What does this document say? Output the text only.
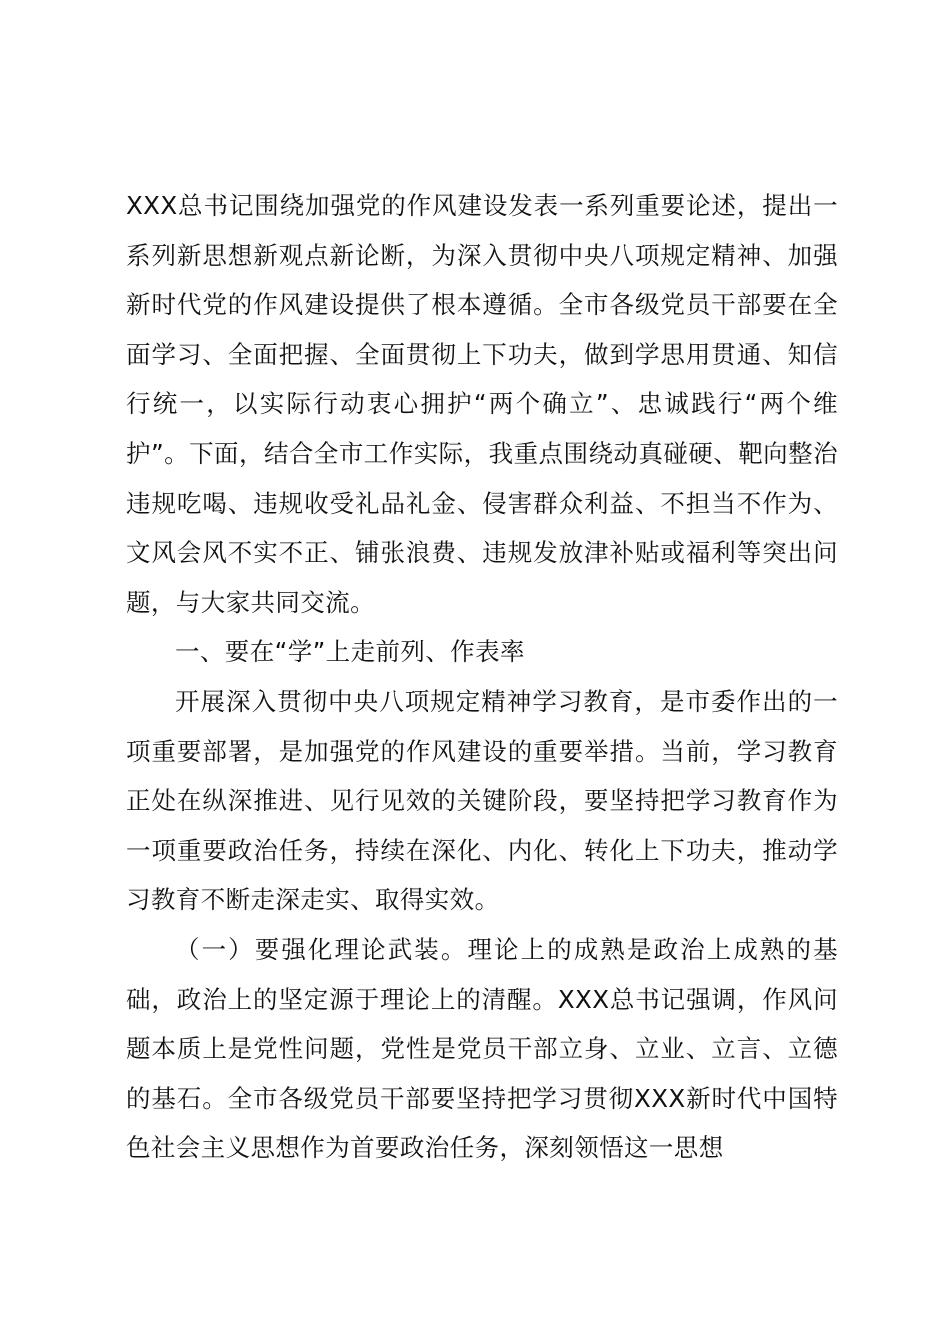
XXX总书记围绕加强党的作风建设发表一系列重要论述，提出一系列新思想新观点新论断，为深入贯彻中央八项规定精神、加强新时代党的作风建设提供了根本遵循。全市各级党员干部要在全面学习、全面把握、全面贯彻上下功夫，做到学思用贯通、知信行统一，以实际行动衷心拥护“两个确立”、忠诚践行“两个维护”。下面，结合全市工作实际，我重点围绕动真碰硬、靶向整治违规吃喝、违规收受礼品礼金、侵害群众利益、不担当不作为、文风会风不实不正、铺张浪费、违规发放津补贴或福利等突出问题，与大家共同交流。

一、要在“学”上走前列、作表率

开展深入贯彻中央八项规定精神学习教育，是市委作出的一项重要部署，是加强党的作风建设的重要举措。当前，学习教育正处在纵深推进、见行见效的关键阶段，要坚持把学习教育作为一项重要政治任务，持续在深化、内化、转化上下功夫，推动学习教育不断走深走实、取得实效。

（一）要强化理论武装。理论上的成熟是政治上成熟的基础，政治上的坚定源于理论上的清醒。XXX总书记强调，作风问题本质上是党性问题，党性是党员干部立身、立业、立言、立德的基石。全市各级党员干部要坚持把学习贯彻XXX新时代中国特色社会主义思想作为首要政治任务，深刻领悟这一思想
